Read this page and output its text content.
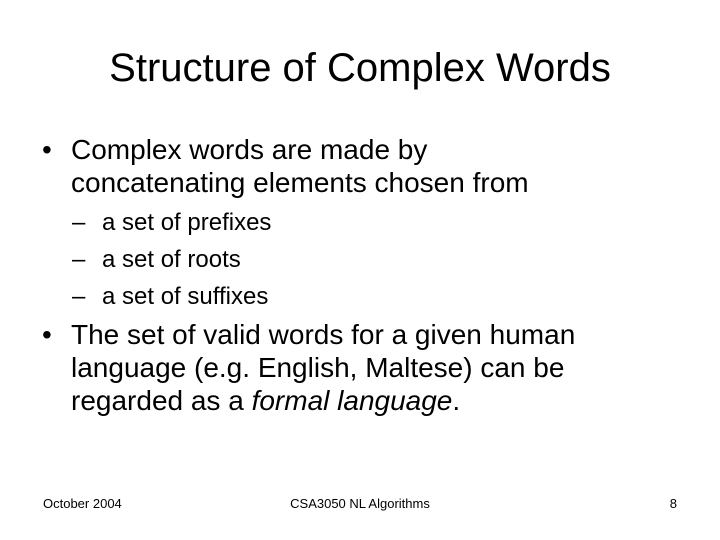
Structure of Complex Words
• Complex words are made by
concatenating elements chosen from
– a set of prefixes
– a set of roots
– a set of suffixes
• The set of valid words for a given human
language (e.g. English, Maltese) can be
regarded as a formal language.
October 2004	CSA3050 NL Algorithms	8
